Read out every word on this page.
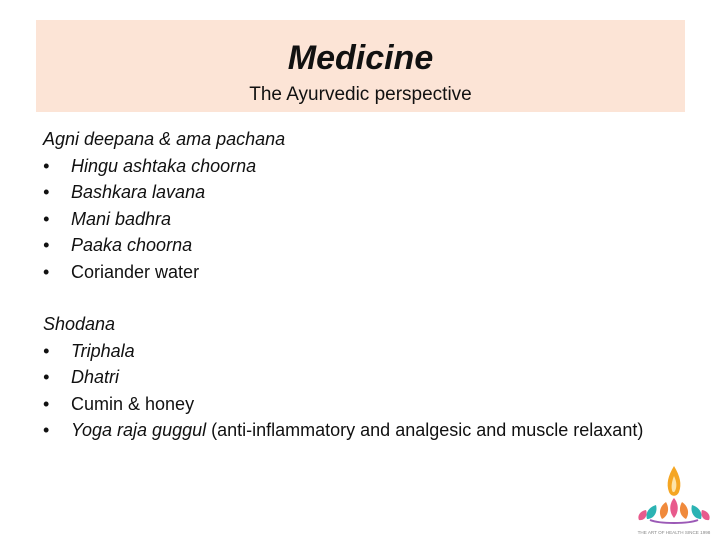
Medicine
The Ayurvedic perspective
Agni deepana & ama pachana
• Hingu ashtaka choorna
• Bashkara lavana
• Mani badhra
• Paaka choorna
• Coriander water
Shodana
• Triphala
• Dhatri
• Cumin & honey
• Yoga raja guggul (anti-inflammatory and analgesic and muscle relaxant)
THE ART OF HEALTH SINCE 1998
